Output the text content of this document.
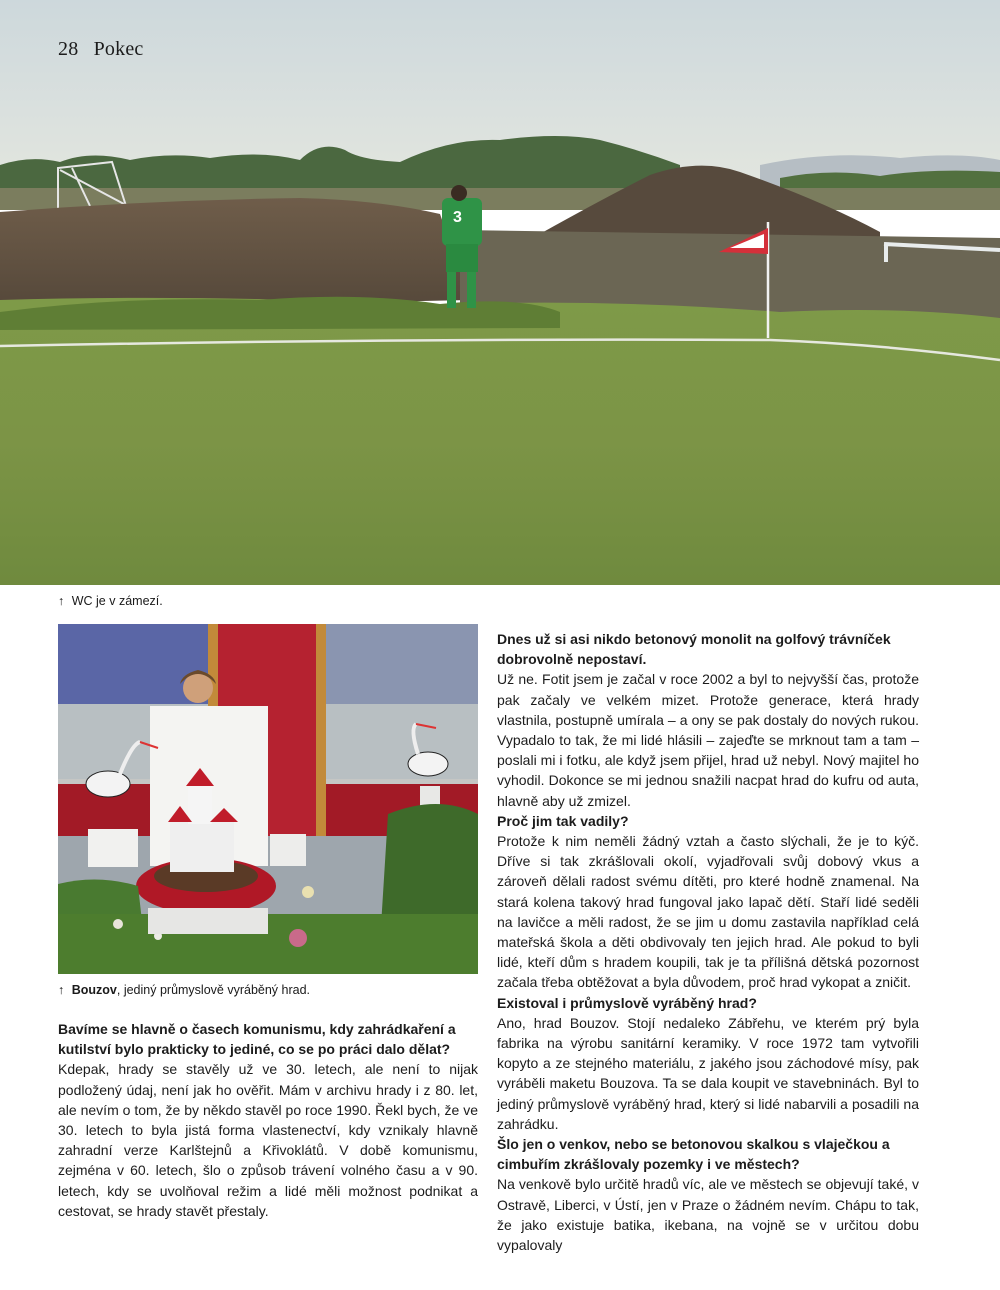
28 Pokec
3
↑ WC je v zámezí.
↑ Bouzov, jediný průmyslově vyráběný hrad.

Bavíme se hlavně o časech komunismu, kdy zahrádkaření a kutilství bylo prakticky to jediné, co se po práci dalo dělat?

Kdepak, hrady se stavěly už ve 30. letech, ale není to nijak podložený údaj, není jak ho ověřit. Mám v archivu hrady i z 80. let, ale nevím o tom, že by někdo stavěl po roce 1990. Řekl bych, že ve 30. letech to byla jistá forma vlastenectví, kdy vznikaly hlavně zahradní verze Karlštejnů a Křivoklátů. V době komunismu, zejména v 60. letech, šlo o způsob trávení volného času a v 90. letech, kdy se uvolňoval režim a lidé měli možnost podnikat a cestovat, se hrady stavět přestaly.

Dnes už si asi nikdo betonový monolit na golfový trávníček dobrovolně nepostaví.

Už ne. Fotit jsem je začal v roce 2002 a byl to nejvyšší čas, protože pak začaly ve velkém mizet. Protože generace, která hrady vlastnila, postupně umírala – a ony se pak dostaly do nových rukou. Vypadalo to tak, že mi lidé hlásili – zajeďte se mrknout tam a tam – poslali mi i fotku, ale když jsem přijel, hrad už nebyl. Nový majitel ho vyhodil. Dokonce se mi jednou snažili nacpat hrad do kufru od auta, hlavně aby už zmizel.

Proč jim tak vadily?

Protože k nim neměli žádný vztah a často slýchali, že je to kýč. Dříve si tak zkrášlovali okolí, vyjadřovali svůj dobový vkus a zároveň dělali radost svému dítěti, pro které hodně znamenal. Na stará kolena takový hrad fungoval jako lapač dětí. Staří lidé seděli na lavičce a měli radost, že se jim u domu zastavila například celá mateřská škola a děti obdivovaly ten jejich hrad. Ale pokud to byli lidé, kteří dům s hradem koupili, tak je ta přílišná dětská pozornost začala třeba obtěžovat a byla důvodem, proč hrad vykopat a zničit.

Existoval i průmyslově vyráběný hrad?

Ano, hrad Bouzov. Stojí nedaleko Zábřehu, ve kterém prý byla fabrika na výrobu sanitární keramiky. V roce 1972 tam vytvořili kopyto a ze stejného materiálu, z jakého jsou záchodové mísy, pak vyráběli maketu Bouzova. Ta se dala koupit ve stavebninách. Byl to jediný průmyslově vyráběný hrad, který si lidé nabarvili a posadili na zahrádku.

Šlo jen o venkov, nebo se betonovou skalkou s vlaječkou a cimbuřím zkrášlovaly pozemky i ve městech?

Na venkově bylo určitě hradů víc, ale ve městech se objevují také, v Ostravě, Liberci, v Ústí, jen v Praze o žádném nevím. Chápu to tak, že jako existuje batika, ikebana, na vojně se v určitou dobu vypalovaly
